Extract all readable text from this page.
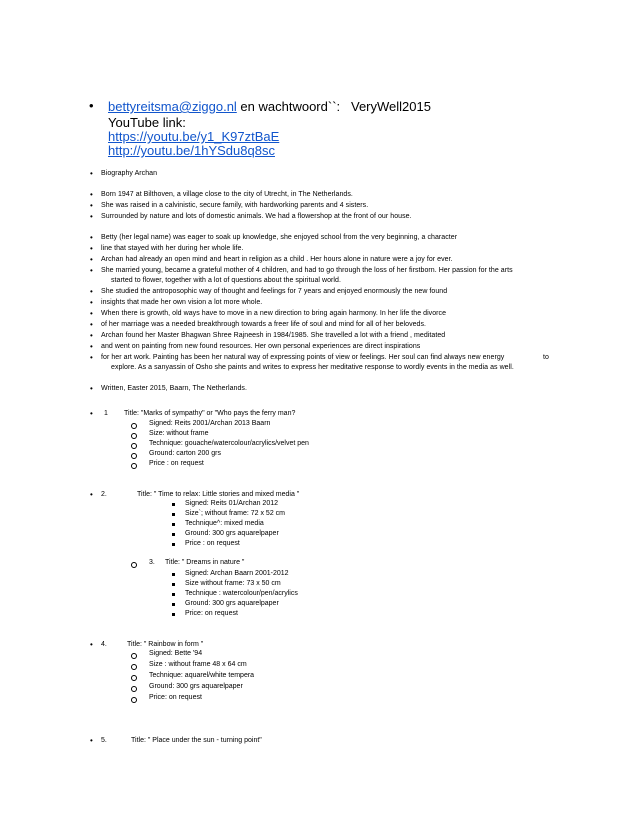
• bettyreitsma@ziggo.nl en wachtwoord``: VeryWell2015
YouTube link:
https://youtu.be/y1_K97ztBaE
http://youtu.be/1hYSdu8q8sc
• Biography Archan
• Born 1947 at Bilthoven, a village close to the city of Utrecht, in The Netherlands.
• She was raised in a calvinistic, secure family, with hardworking parents and 4 sisters.
• Surrounded by nature and lots of domestic animals. We had a flowershop at the front of our house.
• Betty (her legal name) was eager to soak up knowledge, she enjoyed school from the very beginning, a character
• line that stayed with her during her whole life.
• Archan had already an open mind and heart in religion as a child . Her hours alone in nature were a joy for ever.
• She married young, became a grateful mother of 4 children, and had to go through the loss of her firstborn. Her passion for the arts
started to flower, together with a lot of questions about the spiritual world.
• She studied the antroposophic way of thought and feelings for 7 years and enjoyed enormously the new found
• insights that made her own vision a lot more whole.
• When there is growth, old ways have to move in a new direction to bring again harmony. In her life the divorce
• of her marriage was a needed breakthrough towards a freer life of soul and mind for all of her beloveds.
• Archan found her Master Bhagwan Shree Rajneesh in 1984/1985. She travelled a lot with a friend , meditated
• and went on painting from new found resources. Her own personal experiences are direct inspirations
• for her art work. Painting has been her natural way of expressing points of view or feelings. Her soul can find always new energy	to
explore. As a sanyassin of Osho she paints and writes to express her meditative response to wordly events in the media as well.
• Written, Easter 2015, Baarn, The Netherlands.
• 1 Title: "Marks of sympathy" or "Who pays the ferry man?
Signed: Reits 2001/Archan 2013 Baarn
Size: without frame
Technique: gouache/watercolour/acrylics/velvet pen
Ground: carton 200 grs
Price : on request
• 2.	Title: " Time to relax: Little stories and mixed media "
Signed: Reits 01/Archan 2012
Size`; without frame: 72 x 52 cm
Technique^: mixed media
Ground: 300 grs aquarelpaper
Price : on request
3. Title: " Dreams in nature "
Signed: Archan Baarn 2001-2012
Size without frame: 73 x 50 cm
Technique : watercolour/pen/acrylics
Ground: 300 grs aquarelpaper
Price: on request
• 4.	Title: " Rainbow in form "
Signed: Bette '94
Size : without frame 48 x 64 cm
Technique: aquarel/white tempera
Ground: 300 grs aquarelpaper
Price: on request
• 5.	Title: " Place under the sun - turning point"
